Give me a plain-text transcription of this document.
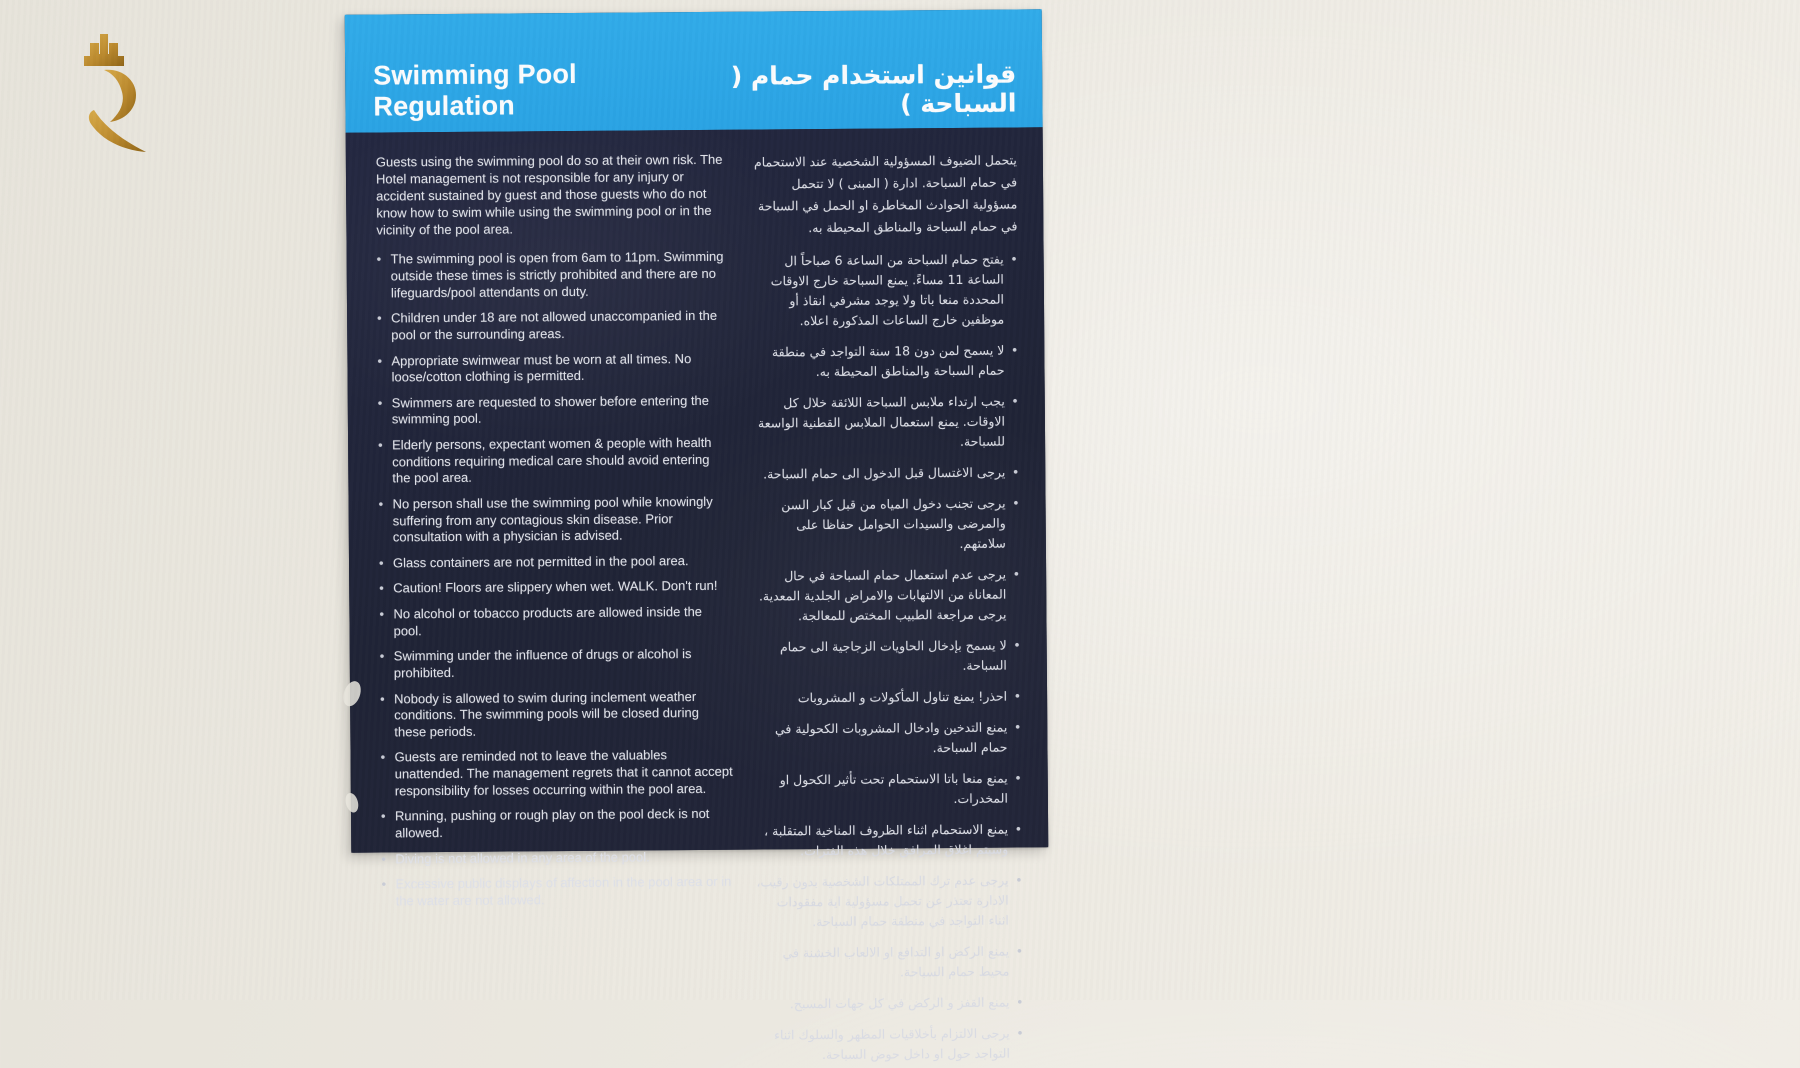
Swimming Pool Regulation
قوانين استخدام حمام ( السباحة )
Guests using the swimming pool do so at their own risk. The Hotel management is not responsible for any injury or accident sustained by guest and those guests who do not know how to swim while using the swimming pool or in the vicinity of the pool area.
• The swimming pool is open from 6am to 11pm. Swimming outside these times is strictly prohibited and there are no lifeguards/pool attendants on duty.
• Children under 18 are not allowed unaccompanied in the pool or the surrounding areas.
• Appropriate swimwear must be worn at all times. No loose/cotton clothing is permitted.
• Swimmers are requested to shower before entering the swimming pool.
• Elderly persons, expectant women & people with health conditions requiring medical care should avoid entering the pool area.
• No person shall use the swimming pool while knowingly suffering from any contagious skin disease. Prior consultation with a physician is advised.
• Glass containers are not permitted in the pool area.
• Caution! Floors are slippery when wet. WALK. Don't run!
• No alcohol or tobacco products are allowed inside the pool.
• Swimming under the influence of drugs or alcohol is prohibited.
• Nobody is allowed to swim during inclement weather conditions. The swimming pools will be closed during these periods.
• Guests are reminded not to leave the valuables unattended. The management regrets that it cannot accept responsibility for losses occurring within the pool area.
• Running, pushing or rough play on the pool deck is not allowed.
• Diving is not allowed in any area of the pool.
• Excessive public displays of affection in the pool area or in the water are not allowed.
يتحمل الضيوف المسؤولية الشخصية عند الاستحمام في حمام السباحة. ادارة ( المبنى ) لا تتحمل مسؤولية الحوادث المخاطرة او الحمل في السباحة في حمام السباحة والمناطق المحيطة به.
•
يفتح حمام السباحة من الساعة 6 صباحاً ال الساعة 11 مساءً. يمنع السباحة خارج الاوقات المحددة منعا باتا ولا يوجد مشرفي انقاذ أو موظفين خارج الساعات المذكورة اعلاه.
•
لا يسمح لمن دون 18 سنة التواجد في منطقة حمام السباحة والمناطق المحيطة به.
•
يجب ارتداء ملابس السباحة اللائقة خلال كل الاوقات. يمنع استعمال الملابس القطنية الواسعة للسباحة.
•
يرجى الاغتسال قبل الدخول الى حمام السباحة.
•
يرجى تجنب دخول المياه من قبل كبار السن والمرضى والسيدات الحوامل حفاظا على سلامتهم.
•
يرجى عدم استعمال حمام السباحة في حال المعاناة من الالتهابات والامراض الجلدية المعدية. يرجى مراجعة الطبيب المختص للمعالجة.
•
لا يسمح بإدخال الحاويات الزجاجية الى حمام السباحة.
•
احذر! يمنع تناول المأكولات و المشروبات
•
يمنع التدخين وادخال المشروبات الكحولية في حمام السباحة.
•
يمنع منعا باتا الاستحمام تحت تأثير الكحول او المخدرات.
•
يمنع الاستحمام اثناء الظروف المناخية المتقلبة ، وسيتم اغلاق المرافق خلال هذه الفترات.
•
يرجى عدم ترك الممتلكات الشخصية بدون رقيب، الادارة تعتذر عن تحمل مسؤولية اية مفقودات اثناء التواجد في منطقة حمام السباحة.
•
يمنع الركض او التدافع او الالعاب الخشنة في محيط حمام السباحة.
•
يمنع القفز و الركض في كل جهات المسبح.
•
يرجى الالتزام بأخلاقيات المظهر والسلوك اثناء التواجد حول او داخل حوض السباحة.
